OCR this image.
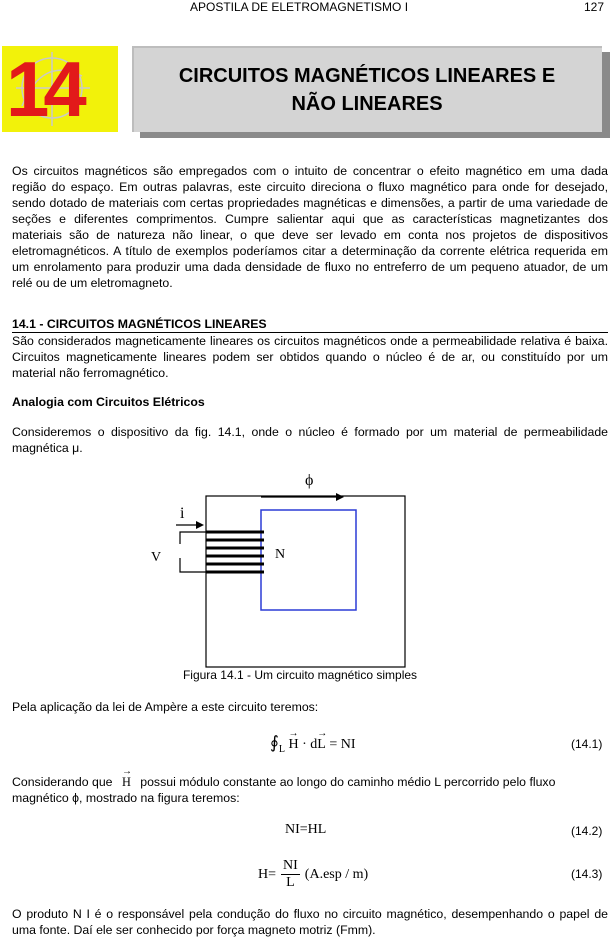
APOSTILA DE ELETROMAGNETISMO I	127
14	CIRCUITOS MAGNÉTICOS LINEARES E
NÃO LINEARES

Os circuitos magnéticos são empregados com o intuito de concentrar o efeito magnético em uma dada região do espaço. Em outras palavras, este circuito direciona o fluxo magnético para onde for desejado, sendo dotado de materiais com certas propriedades magnéticas e dimensões, a partir de uma variedade de seções e diferentes comprimentos. Cumpre salientar aqui que as características magnetizantes dos materiais são de natureza não linear, o que deve ser levado em conta nos projetos de dispositivos eletromagnéticos. A título de exemplos poderíamos citar a determinação da corrente elétrica requerida em um enrolamento para produzir uma dada densidade de fluxo no entreferro de um pequeno atuador, de um relé ou de um eletromagneto.

14.1 - CIRCUITOS MAGNÉTICOS LINEARES

São considerados magneticamente lineares os circuitos magnéticos onde a permeabilidade relativa é baixa. Circuitos magneticamente lineares podem ser obtidos quando o núcleo é de ar, ou constituído por um material não ferromagnético.

Analogia com Circuitos Elétricos

Consideremos o dispositivo da fig. 14.1, onde o núcleo é formado por um material de permeabilidade magnética μ.

ϕ
i
V	N
Figura 14.1 - Um circuito magnético simples
Pela aplicação da lei de Ampère a este circuito teremos:
$∮_L$
→
H ·
→
dL = NI	(14.1)
Considerando que
→
H possui módulo constante ao longo do caminho médio L percorrido pelo fluxo
magnético ϕ, mostrado na figura teremos:
NI=HL	(14.2)
$H= \frac{NI}{L} (A.esp / m)$	(14.3)

O produto N I é o responsável pela condução do fluxo no circuito magnético, desempenhando o papel de uma fonte. Daí ele ser conhecido por força magneto motriz (Fmm).
